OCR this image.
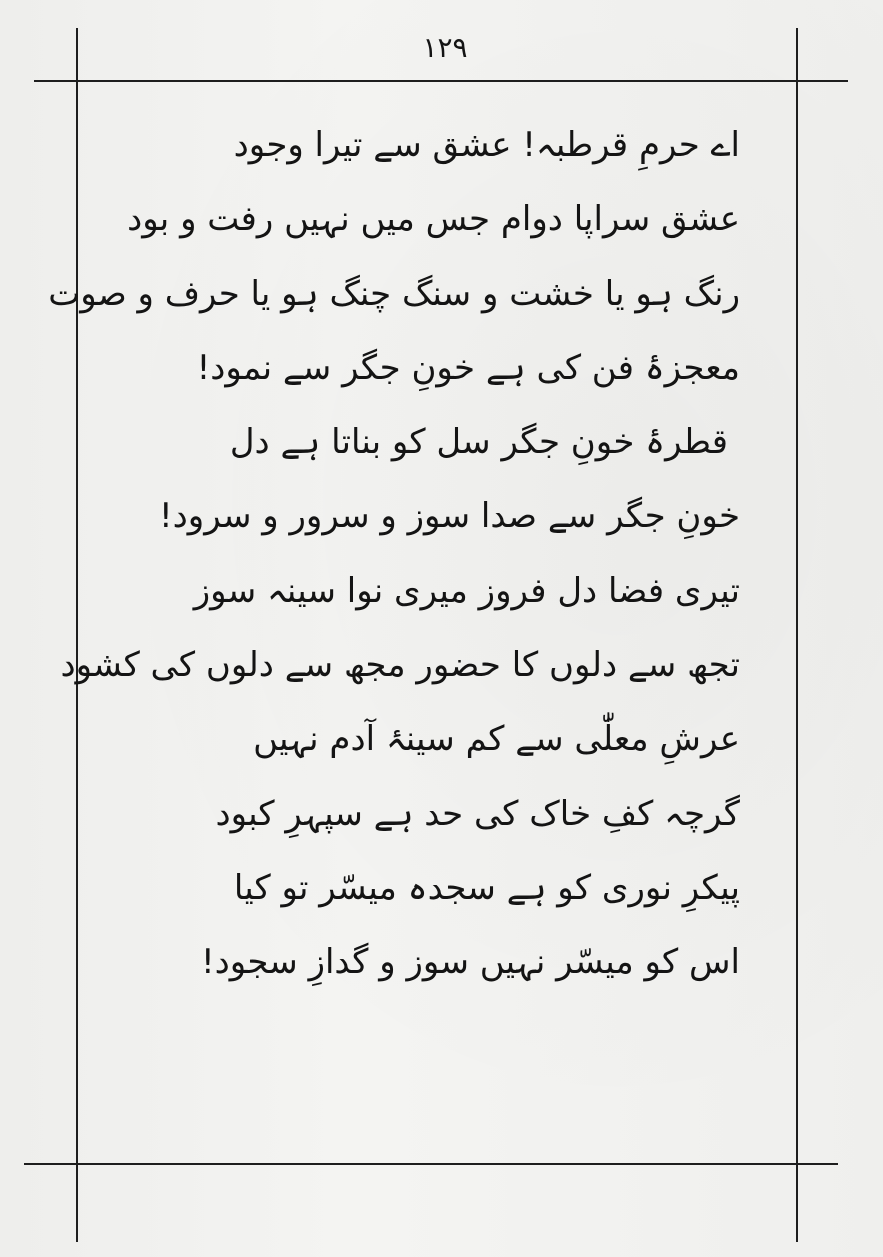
۱۲۹
اے حرمِ قرطبہ! عشق سے تیرا وجود
عشق سراپا دوام جس میں نہیں رفت و بود
رنگ ہو یا خشت و سنگ چنگ ہو یا حرف و صوت
معجزۂ فن کی ہے خونِ جگر سے نمود!
قطرۂ خونِ جگر سل کو بناتا ہے دل
خونِ جگر سے صدا سوز و سرور و سرود!
تیری فضا دل فروز میری نوا سینہ سوز
تجھ سے دلوں کا حضور مجھ سے دلوں کی کشود
عرشِ معلّٰی سے کم سینۂ آدم نہیں
گرچہ کفِ خاک کی حد ہے سپہرِ کبود
پیکرِ نوری کو ہے سجدہ میسّر تو کیا
اس کو میسّر نہیں سوز و گدازِ سجود!
